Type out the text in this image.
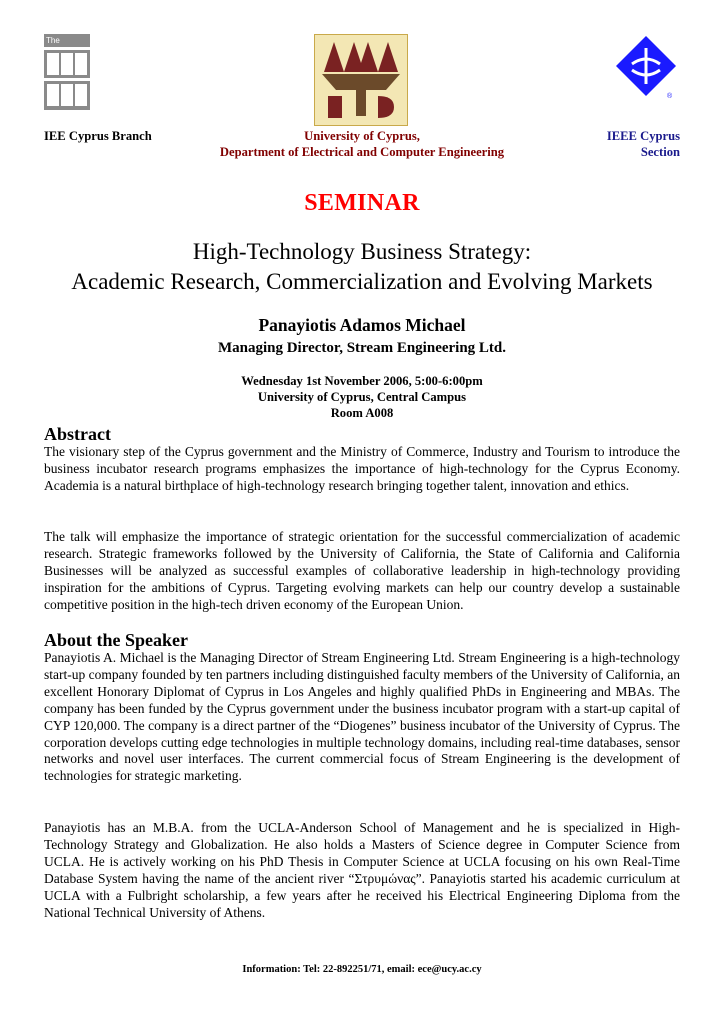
The
®
IEE Cyprus Branch	University of Cyprus,
Department of Electrical and Computer Engineering
IEEE Cyprus
Section
SEMINAR
High-Technology Business Strategy:
Academic Research, Commercialization and Evolving Markets
Panayiotis Adamos Michael
Managing Director, Stream Engineering Ltd.
Wednesday 1st November 2006, 5:00-6:00pm
University of Cyprus, Central Campus
Room A008
Abstract
The visionary step of the Cyprus government and the Ministry of Commerce, Industry and Tourism to introduce the business incubator research programs emphasizes the importance of high-technology for the Cyprus Economy. Academia is a natural birthplace of high-technology research bringing together talent, innovation and ethics.
The talk will emphasize the importance of strategic orientation for the successful commercialization of academic research. Strategic frameworks followed by the University of California, the State of California and California Businesses will be analyzed as successful examples of collaborative leadership in high-technology providing inspiration for the ambitions of Cyprus. Targeting evolving markets can help our country develop a sustainable competitive position in the high-tech driven economy of the European Union.
About the Speaker
Panayiotis A. Michael is the Managing Director of Stream Engineering Ltd. Stream Engineering is a high-technology start-up company founded by ten partners including distinguished faculty members of the University of California, an excellent Honorary Diplomat of Cyprus in Los Angeles and highly qualified PhDs in Engineering and MBAs. The company has been funded by the Cyprus government under the business incubator program with a start-up capital of CYP 120,000. The company is a direct partner of the “Diogenes” business incubator of the University of Cyprus. The corporation develops cutting edge technologies in multiple technology domains, including real-time databases, sensor networks and novel user interfaces. The current commercial focus of Stream Engineering is the development of technologies for strategic marketing.
Panayiotis has an M.B.A. from the UCLA-Anderson School of Management and he is specialized in High-Technology Strategy and Globalization. He also holds a Masters of Science degree in Computer Science from UCLA. He is actively working on his PhD Thesis in Computer Science at UCLA focusing on his own Real-Time Database System having the name of the ancient river “Στρυμώνας”. Panayiotis started his academic curriculum at UCLA with a Fulbright scholarship, a few years after he received his Electrical Engineering Diploma from the National Technical University of Athens.
Information: Tel: 22-892251/71, email: ece@ucy.ac.cy
